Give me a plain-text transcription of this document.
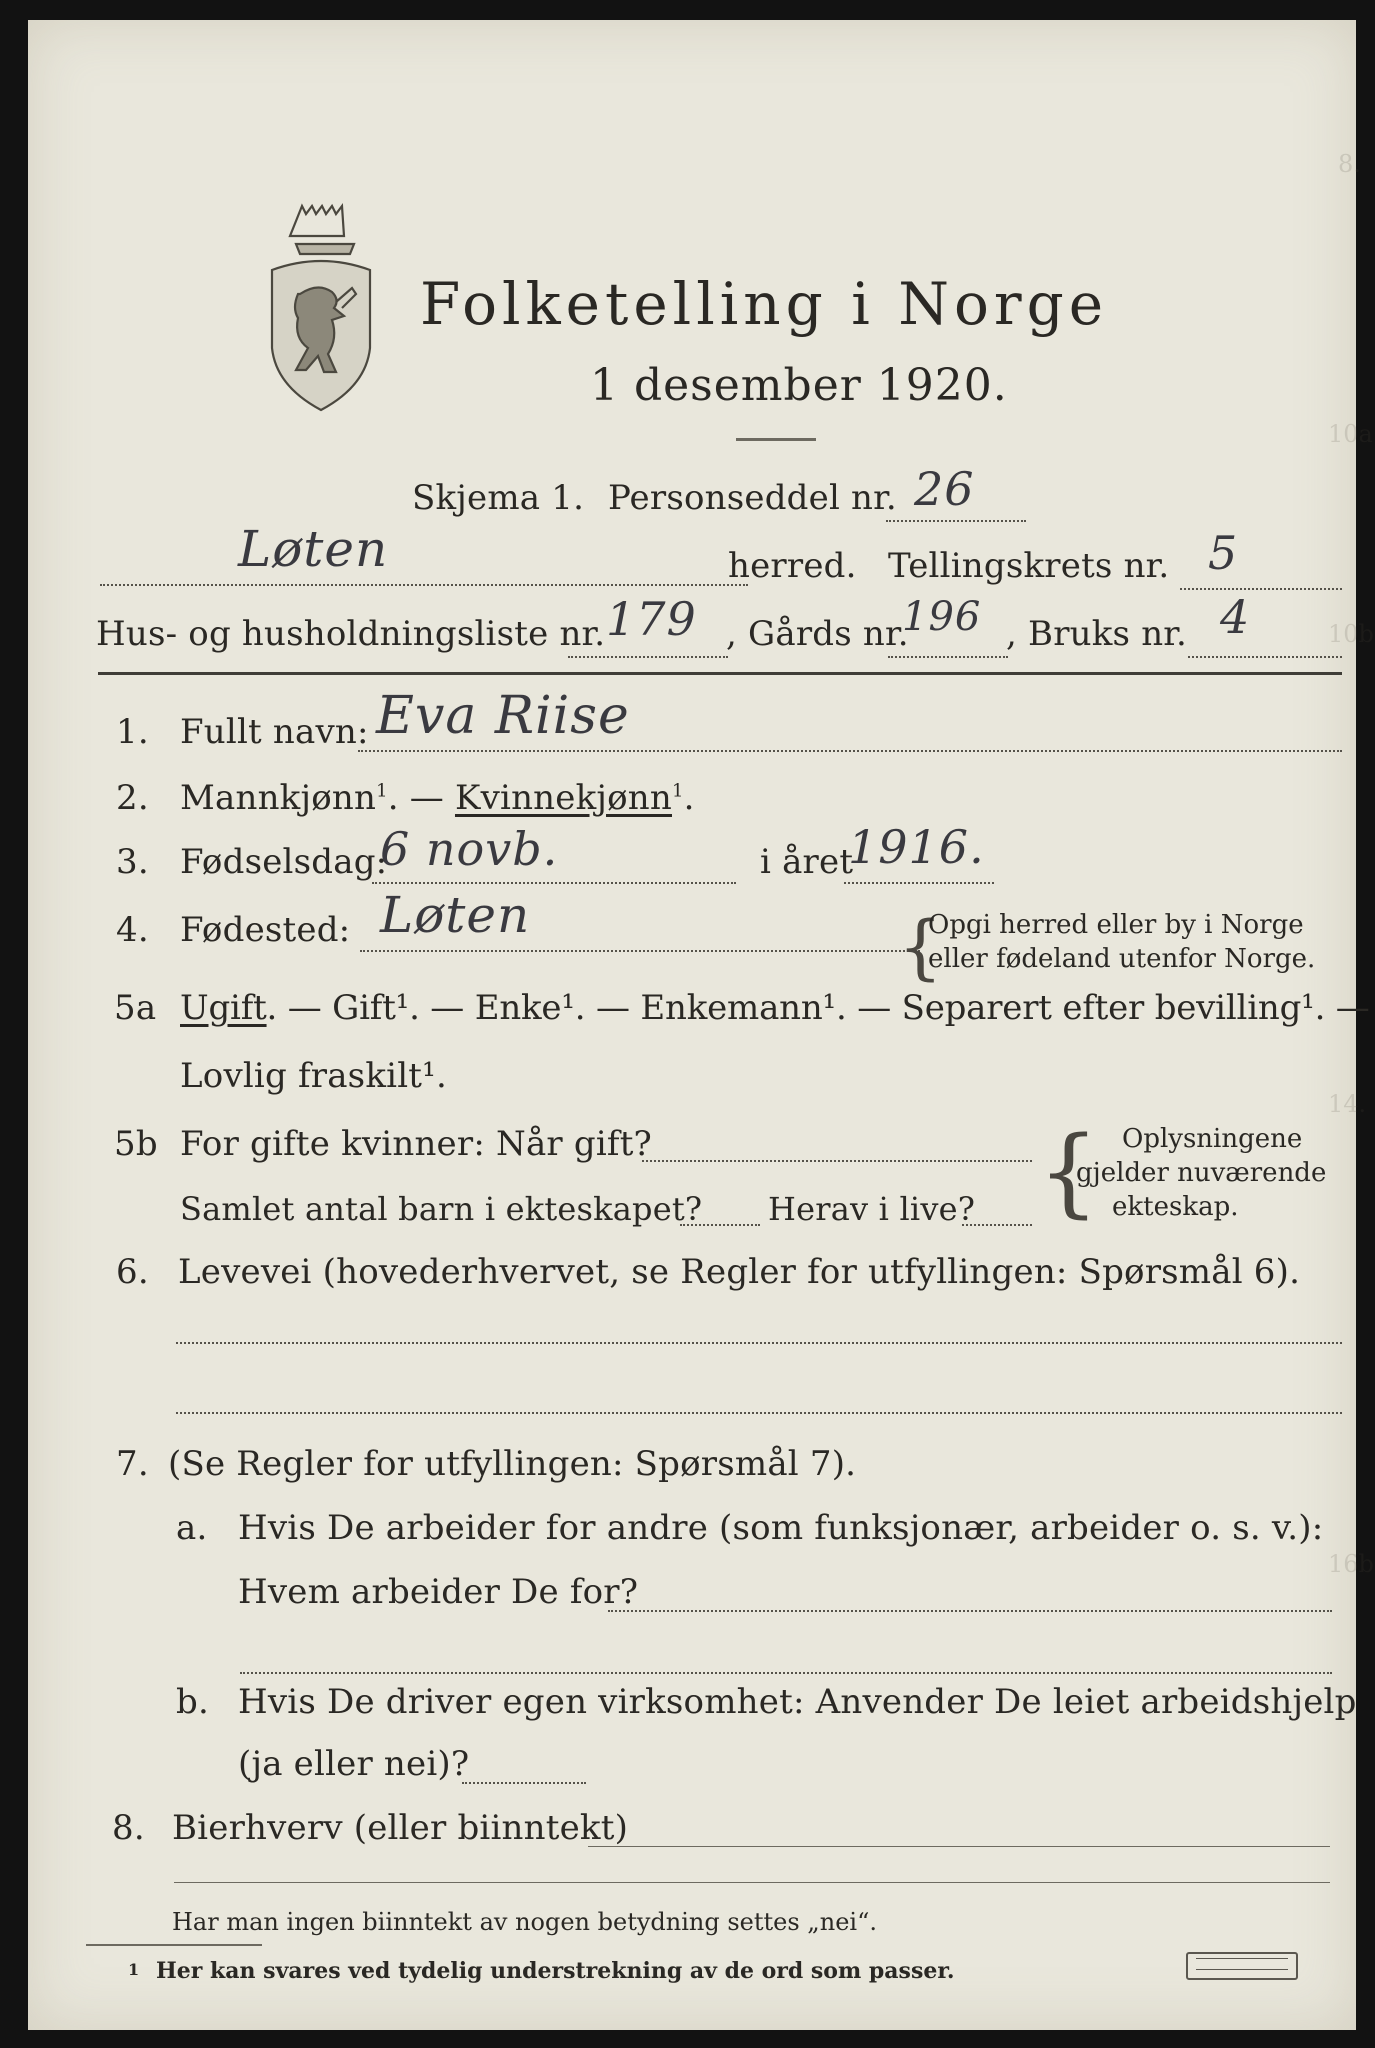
Folketelling i Norge
1 desember 1920.
Skjema 1. Personseddel nr. 26
Løten	herred. Tellingskrets nr. 5
Hus- og husholdningsliste nr. 179 , Gårds nr.
196 , Bruks nr. 4
1. Fullt navn: Eva Riise
2. Mannkjønn$^1$. — Kvinnekjønn$^1$.
3. Fødselsdag:
6 novb.	i året
1916.
4. Fødested: Løten	{
Opgi herred eller by i Norge
eller fødeland utenfor Norge.
5a Ugift. — Gift¹. — Enke¹. — Enkemann¹. — Separert efter bevilling¹. —
Lovlig fraskilt¹.
5b For gifte kvinner: Når gift?
Samlet antal barn i ekteskapet? Herav i live? { Oplysningene
gjelder nuværende
ekteskap.
6. Levevei (hovederhvervet, se Regler for utfyllingen: Spørsmål 6).
7. (Se Regler for utfyllingen: Spørsmål 7).
a. Hvis De arbeider for andre (som funksjonær, arbeider o. s. v.):
Hvem arbeider De for?
b. Hvis De driver egen virksomhet: Anvender De leiet arbeidshjelp
(ja eller nei)?
8. Bierhverv (eller biinntekt)
Har man ingen biinntekt av nogen betydning settes „nei“.
1 Her kan svares ved tydelig understrekning av de ord som passer.
8.
10a
10b
14.
16b
